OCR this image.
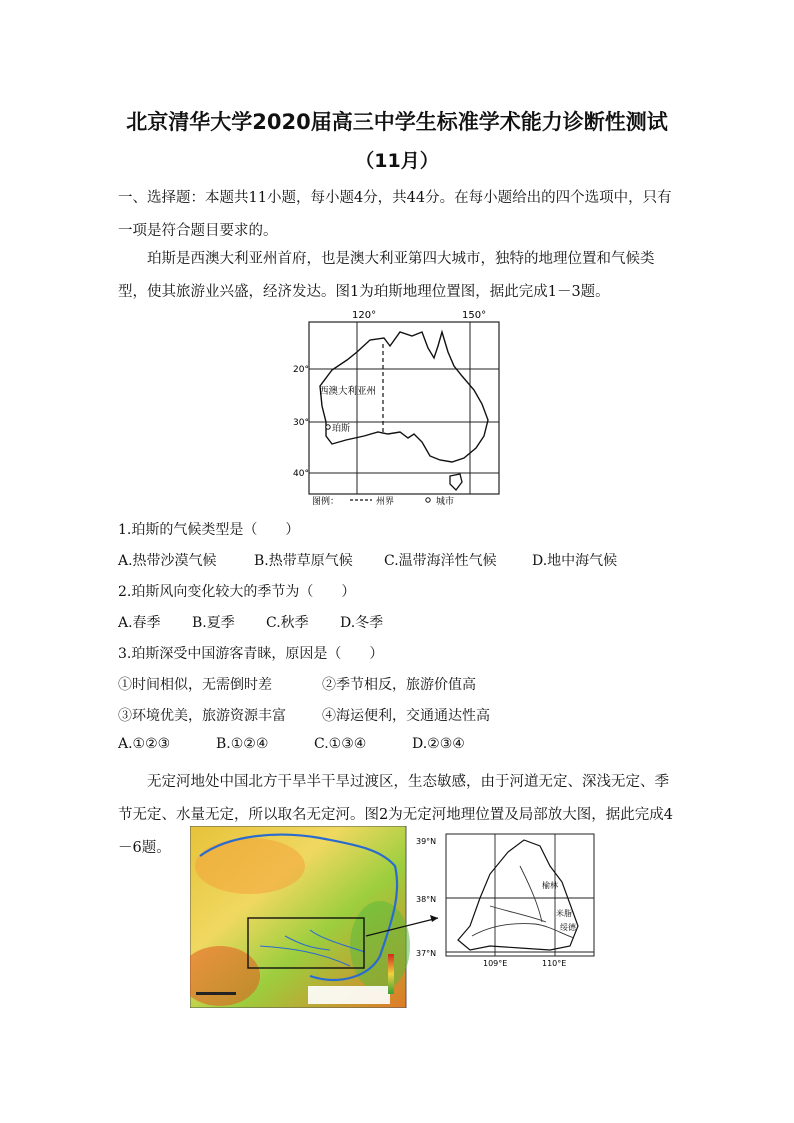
北京清华大学2020届高三中学生标准学术能力诊断性测试
（11月）
一、选择题：本题共11小题，每小题4分，共44分。在每小题给出的四个选项中，只有一项是符合题目要求的。
珀斯是西澳大利亚州首府，也是澳大利亚第四大城市，独特的地理位置和气候类型，使其旅游业兴盛，经济发达。图1为珀斯地理位置图，据此完成1－3题。
120°	150°
20°
30°
40°
西澳大利亚州
珀斯
图例：	州界	城市
1.珀斯的气候类型是（　　）
A.热带沙漠气候	B.热带草原气候 C.温带海洋性气候	D.地中海气候
2.珀斯风向变化较大的季节为（　　）
A.春季 B.夏季 C.秋季 D.冬季
3.珀斯深受中国游客青睐，原因是（　　）
①时间相似，无需倒时差	②季节相反，旅游价值高
③环境优美，旅游资源丰富	④海运便利，交通通达性高
A.①②③	B.①②④	C.①③④	D.②③④
无定河地处中国北方干旱半干旱过渡区，生态敏感，由于河道无定、深浅无定、季节无定、水量无定，所以取名无定河。图2为无定河地理位置及局部放大图，据此完成4－6题。	39°N
38°N
37°N
109°E	110°E
榆林
米脂
绥德
